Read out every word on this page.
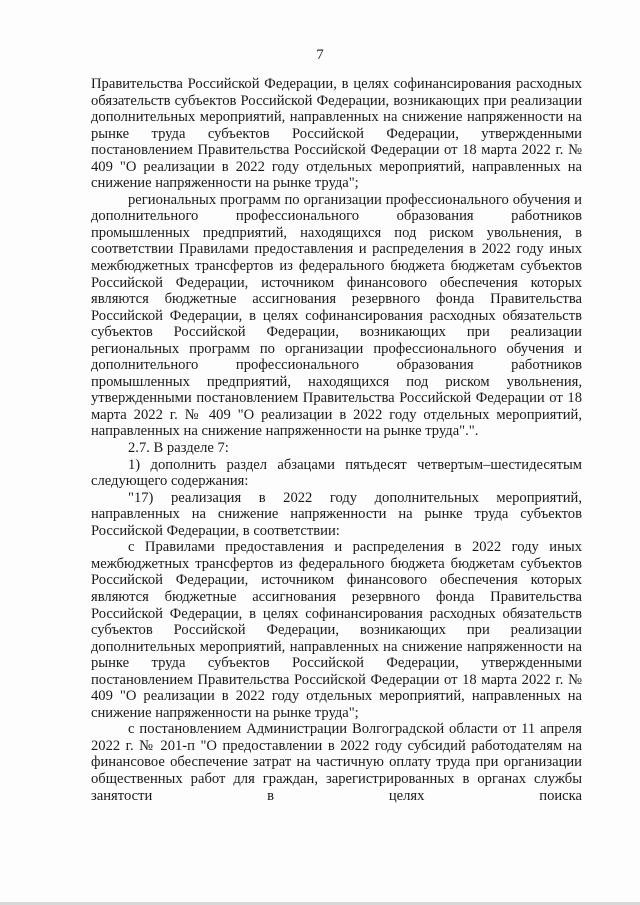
7

Правительства Российской Федерации, в целях софинансирования расходных обязательств субъектов Российской Федерации, возникающих при реализации дополнительных мероприятий, направленных на снижение напряженности на рынке труда субъектов Российской Федерации, утвержденными постановлением Правительства Российской Федерации от 18 марта 2022 г. № 409 "О реализации в 2022 году отдельных мероприятий, направленных на снижение напряженности на рынке труда";

региональных программ по организации профессионального обучения и дополнительного профессионального образования работников промышленных предприятий, находящихся под риском увольнения, в соответствии Правилами предоставления и распределения в 2022 году иных межбюджетных трансфертов из федерального бюджета бюджетам субъектов Российской Федерации, источником финансового обеспечения которых являются бюджетные ассигнования резервного фонда Правительства Российской Федерации, в целях софинансирования расходных обязательств субъектов Российской Федерации, возникающих при реализации региональных программ по организации профессионального обучения и дополнительного профессионального образования работников промышленных предприятий, находящихся под риском увольнения, утвержденными постановлением Правительства Российской Федерации от 18 марта 2022 г. № 409 "О реализации в 2022 году отдельных мероприятий, направленных на снижение напряженности на рынке труда".".

2.7. В разделе 7:

1) дополнить раздел абзацами пятьдесят четвертым–шестидесятым следующего содержания:

"17) реализация в 2022 году дополнительных мероприятий, направленных на снижение напряженности на рынке труда субъектов Российской Федерации, в соответствии:

с Правилами предоставления и распределения в 2022 году иных межбюджетных трансфертов из федерального бюджета бюджетам субъектов Российской Федерации, источником финансового обеспечения которых являются бюджетные ассигнования резервного фонда Правительства Российской Федерации, в целях софинансирования расходных обязательств субъектов Российской Федерации, возникающих при реализации дополнительных мероприятий, направленных на снижение напряженности на рынке труда субъектов Российской Федерации, утвержденными постановлением Правительства Российской Федерации от 18 марта 2022 г. № 409 "О реализации в 2022 году отдельных мероприятий, направленных на снижение напряженности на рынке труда";

с постановлением Администрации Волгоградской области от 11 апреля 2022 г. № 201-п "О предоставлении в 2022 году субсидий работодателям на финансовое обеспечение затрат на частичную оплату труда при организации общественных работ для граждан, зарегистрированных в органах службы занятости в целях поиска
